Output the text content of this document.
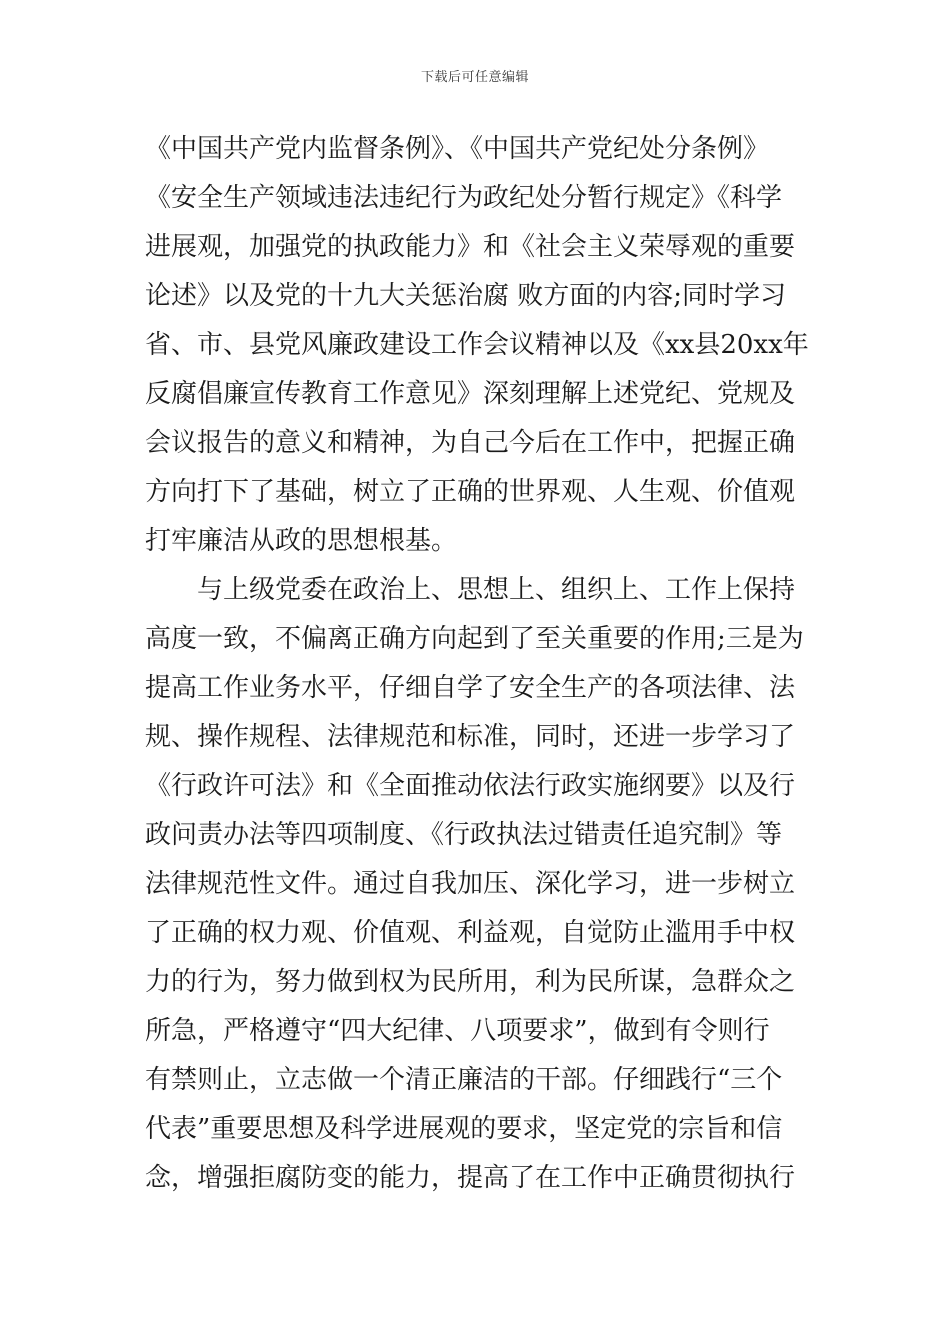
下载后可任意编辑
《中国共产党内监督条例》、《中国共产党纪处分条例》
《安全生产领域违法违纪行为政纪处分暂行规定》《科学
进展观，加强党的执政能力》和《社会主义荣辱观的重要
论述》以及党的十九大关惩治腐 败方面的内容;同时学习
省、市、县党风廉政建设工作会议精神以及《xx县20xx年
反腐倡廉宣传教育工作意见》深刻理解上述党纪、党规及
会议报告的意义和精神，为自己今后在工作中，把握正确
方向打下了基础，树立了正确的世界观、人生观、价值观
打牢廉洁从政的思想根基。
与上级党委在政治上、思想上、组织上、工作上保持
高度一致，不偏离正确方向起到了至关重要的作用;三是为
提高工作业务水平，仔细自学了安全生产的各项法律、法
规、操作规程、法律规范和标准，同时，还进一步学习了
《行政许可法》和《全面推动依法行政实施纲要》以及行
政问责办法等四项制度、《行政执法过错责任追究制》等
法律规范性文件。通过自我加压、深化学习，进一步树立
了正确的权力观、价值观、利益观，自觉防止滥用手中权
力的行为，努力做到权为民所用，利为民所谋，急群众之
所急，严格遵守“四大纪律、八项要求”，做到有令则行
有禁则止，立志做一个清正廉洁的干部。仔细践行“三个
代表”重要思想及科学进展观的要求，坚定党的宗旨和信
念，增强拒腐防变的能力，提高了在工作中正确贯彻执行
